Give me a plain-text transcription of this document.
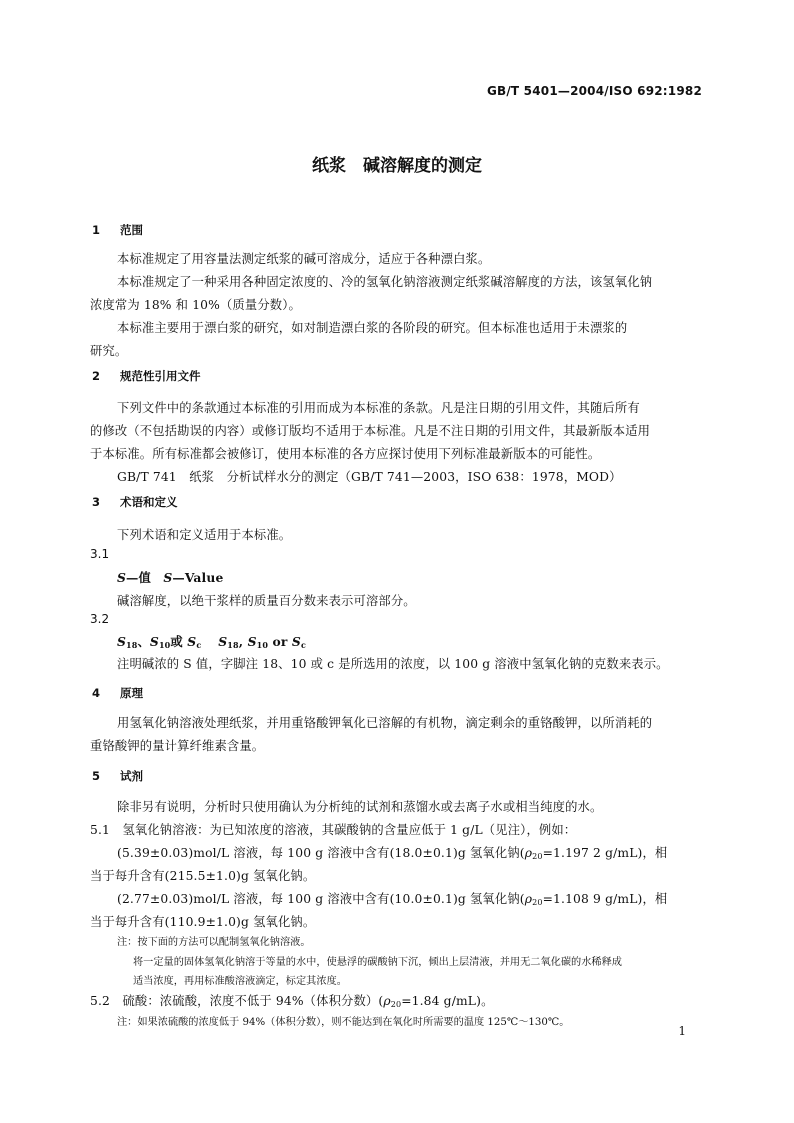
GB/T 5401—2004/ISO 692:1982
纸浆　碱溶解度的测定
1 范围
本标准规定了用容量法测定纸浆的碱可溶成分，适应于各种漂白浆。
本标准规定了一种采用各种固定浓度的、冷的氢氧化钠溶液测定纸浆碱溶解度的方法，该氢氧化钠
浓度常为 18% 和 10%（质量分数）。
本标准主要用于漂白浆的研究，如对制造漂白浆的各阶段的研究。但本标准也适用于未漂浆的
研究。
2 规范性引用文件
下列文件中的条款通过本标准的引用而成为本标准的条款。凡是注日期的引用文件，其随后所有
的修改（不包括勘误的内容）或修订版均不适用于本标准。凡是不注日期的引用文件，其最新版本适用
于本标准。所有标准都会被修订，使用本标准的各方应探讨使用下列标准最新版本的可能性。
GB/T 741　纸浆　分析试样水分的测定（GB/T 741—2003，ISO 638：1978，MOD）
3 术语和定义
下列术语和定义适用于本标准。
3.1
S—值　 S—Value
碱溶解度，以绝干浆样的质量百分数来表示可溶部分。
3.2
$S_{18}$、$S_{10}$或 $S_c$　 $S_{18}$, $S_{10}$ or $S_c$
注明碱浓的 S 值，字脚注 18、10 或 c 是所选用的浓度，以 100 g 溶液中氢氧化钠的克数来表示。
4 原理
用氢氧化钠溶液处理纸浆，并用重铬酸钾氧化已溶解的有机物，滴定剩余的重铬酸钾，以所消耗的
重铬酸钾的量计算纤维素含量。
5 试剂
除非另有说明，分析时只使用确认为分析纯的试剂和蒸馏水或去离子水或相当纯度的水。
5.1　 氢氧化钠溶液：为已知浓度的溶液，其碳酸钠的含量应低于 1 g/L（见注），例如：
(5.39±0.03)mol/L 溶液，每 100 g 溶液中含有(18.0±0.1)g 氢氧化钠($\rho_{20}=1.197$ 2 g/mL)，相
当于每升含有(215.5±1.0)g 氢氧化钠。
(2.77±0.03)mol/L 溶液，每 100 g 溶液中含有(10.0±0.1)g 氢氧化钠($\rho_{20}=1.108$ 9 g/mL)，相
当于每升含有(110.9±1.0)g 氢氧化钠。
注：按下面的方法可以配制氢氧化钠溶液。
将一定量的固体氢氧化钠溶于等量的水中，使悬浮的碳酸钠下沉，倾出上层清液，并用无二氧化碳的水稀释成
适当浓度，再用标准酸溶液滴定，标定其浓度。
5.2　 硫酸：浓硫酸，浓度不低于 94%（体积分数）($\rho_{20}=1.84$ g/mL)。
注：如果浓硫酸的浓度低于 94%（体积分数），则不能达到在氧化时所需要的温度 125℃～130℃。
1
